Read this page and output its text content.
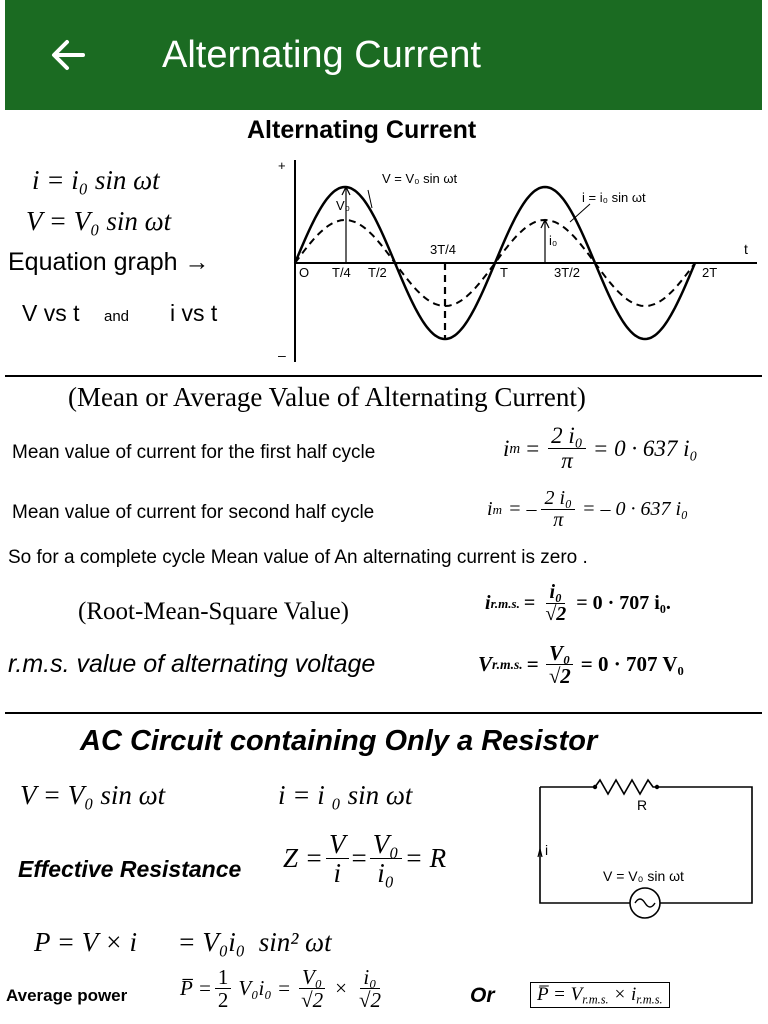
Alternating Current
Alternating Current
i = i₀ sin ωt
V = V₀ sin ωt
Equation graph →
V vs t and i vs t
+
–
t
V = V₀ sin ωt
i = i₀ sin ωt
V₀
i₀
O T/4 T/2
3T/4
T	3T/2	2T
(Mean or Average Value of Alternating Current)
Mean value of current for the first half cycle	i $m = \frac{\text{2 i₀}}{\pi} = 0 \cdot 637$ i₀
Mean value of current for second half cycle	i m = – $\frac{\text{2 i₀}}{\pi}$ = – 0 · 637 i₀
So for a complete cycle Mean value of An alternating current is zero .
(Root-Mean-Square Value)	i r.m.s. = $\frac{\text{i₀}}{√2} = 0 \cdot 707$ i₀.
r.m.s. value of alternating voltage	V r.m.s. = $\frac{\text{V₀}}{√2} = 0 \cdot 707$ V₀
AC Circuit containing Only a Resistor
V = V₀ sin ωt	i = i ₀ sin ωt
Effective Resistance $Z = \frac{V}{i} = \frac{\text{V₀}}{\text{i₀}} = R$
P = V × i      = V₀i₀  sin² ωt
Average power	P̅ = $\frac{1}{2} V_0i_0 = \frac{\text{V₀}}{√2} \times \frac{\text{i₀}}{√2}$	Or	P̅ = $V_{r.m.s.} \times i_{r.m.s.}$
R
i
V = V₀ sin ωt
